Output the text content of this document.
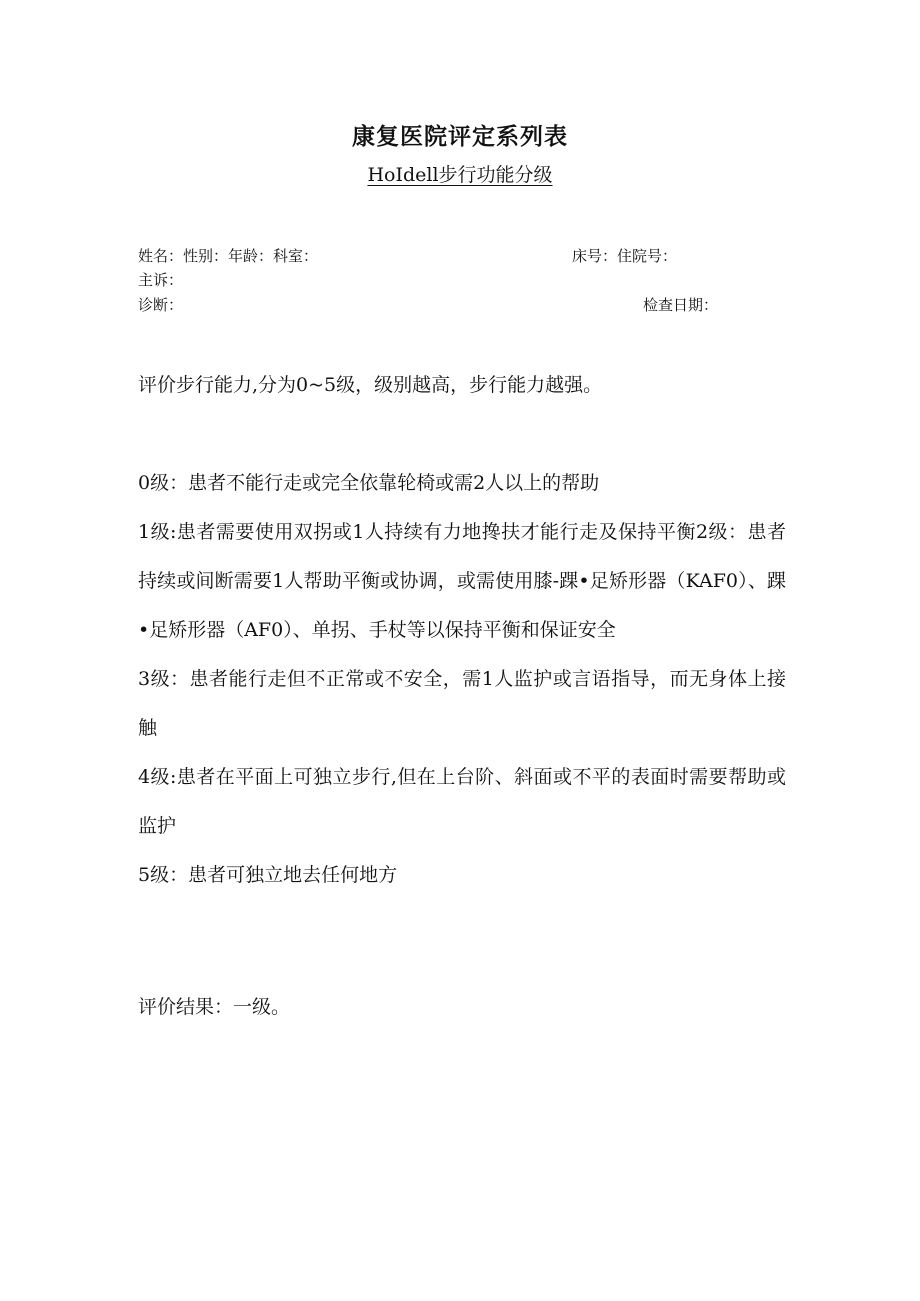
康复医院评定系列表
HoIdell步行功能分级
姓名：性别：年龄：科室：	床号：住院号：
主诉：
诊断：	检查日期：
评价步行能力,分为0~5级，级别越高，步行能力越强。

0级：患者不能行走或完全依靠轮椅或需2人以上的帮助

1级:患者需要使用双拐或1人持续有力地搀扶才能行走及保持平衡2级：患者持续或间断需要1人帮助平衡或协调，或需使用膝-踝•足矫形器（KAF0）、踝•足矫形器（AF0）、单拐、手杖等以保持平衡和保证安全

3级：患者能行走但不正常或不安全，需1人监护或言语指导，而无身体上接触

4级:患者在平面上可独立步行,但在上台阶、斜面或不平的表面时需要帮助或监护

5级：患者可独立地去任何地方

评价结果：一级。
